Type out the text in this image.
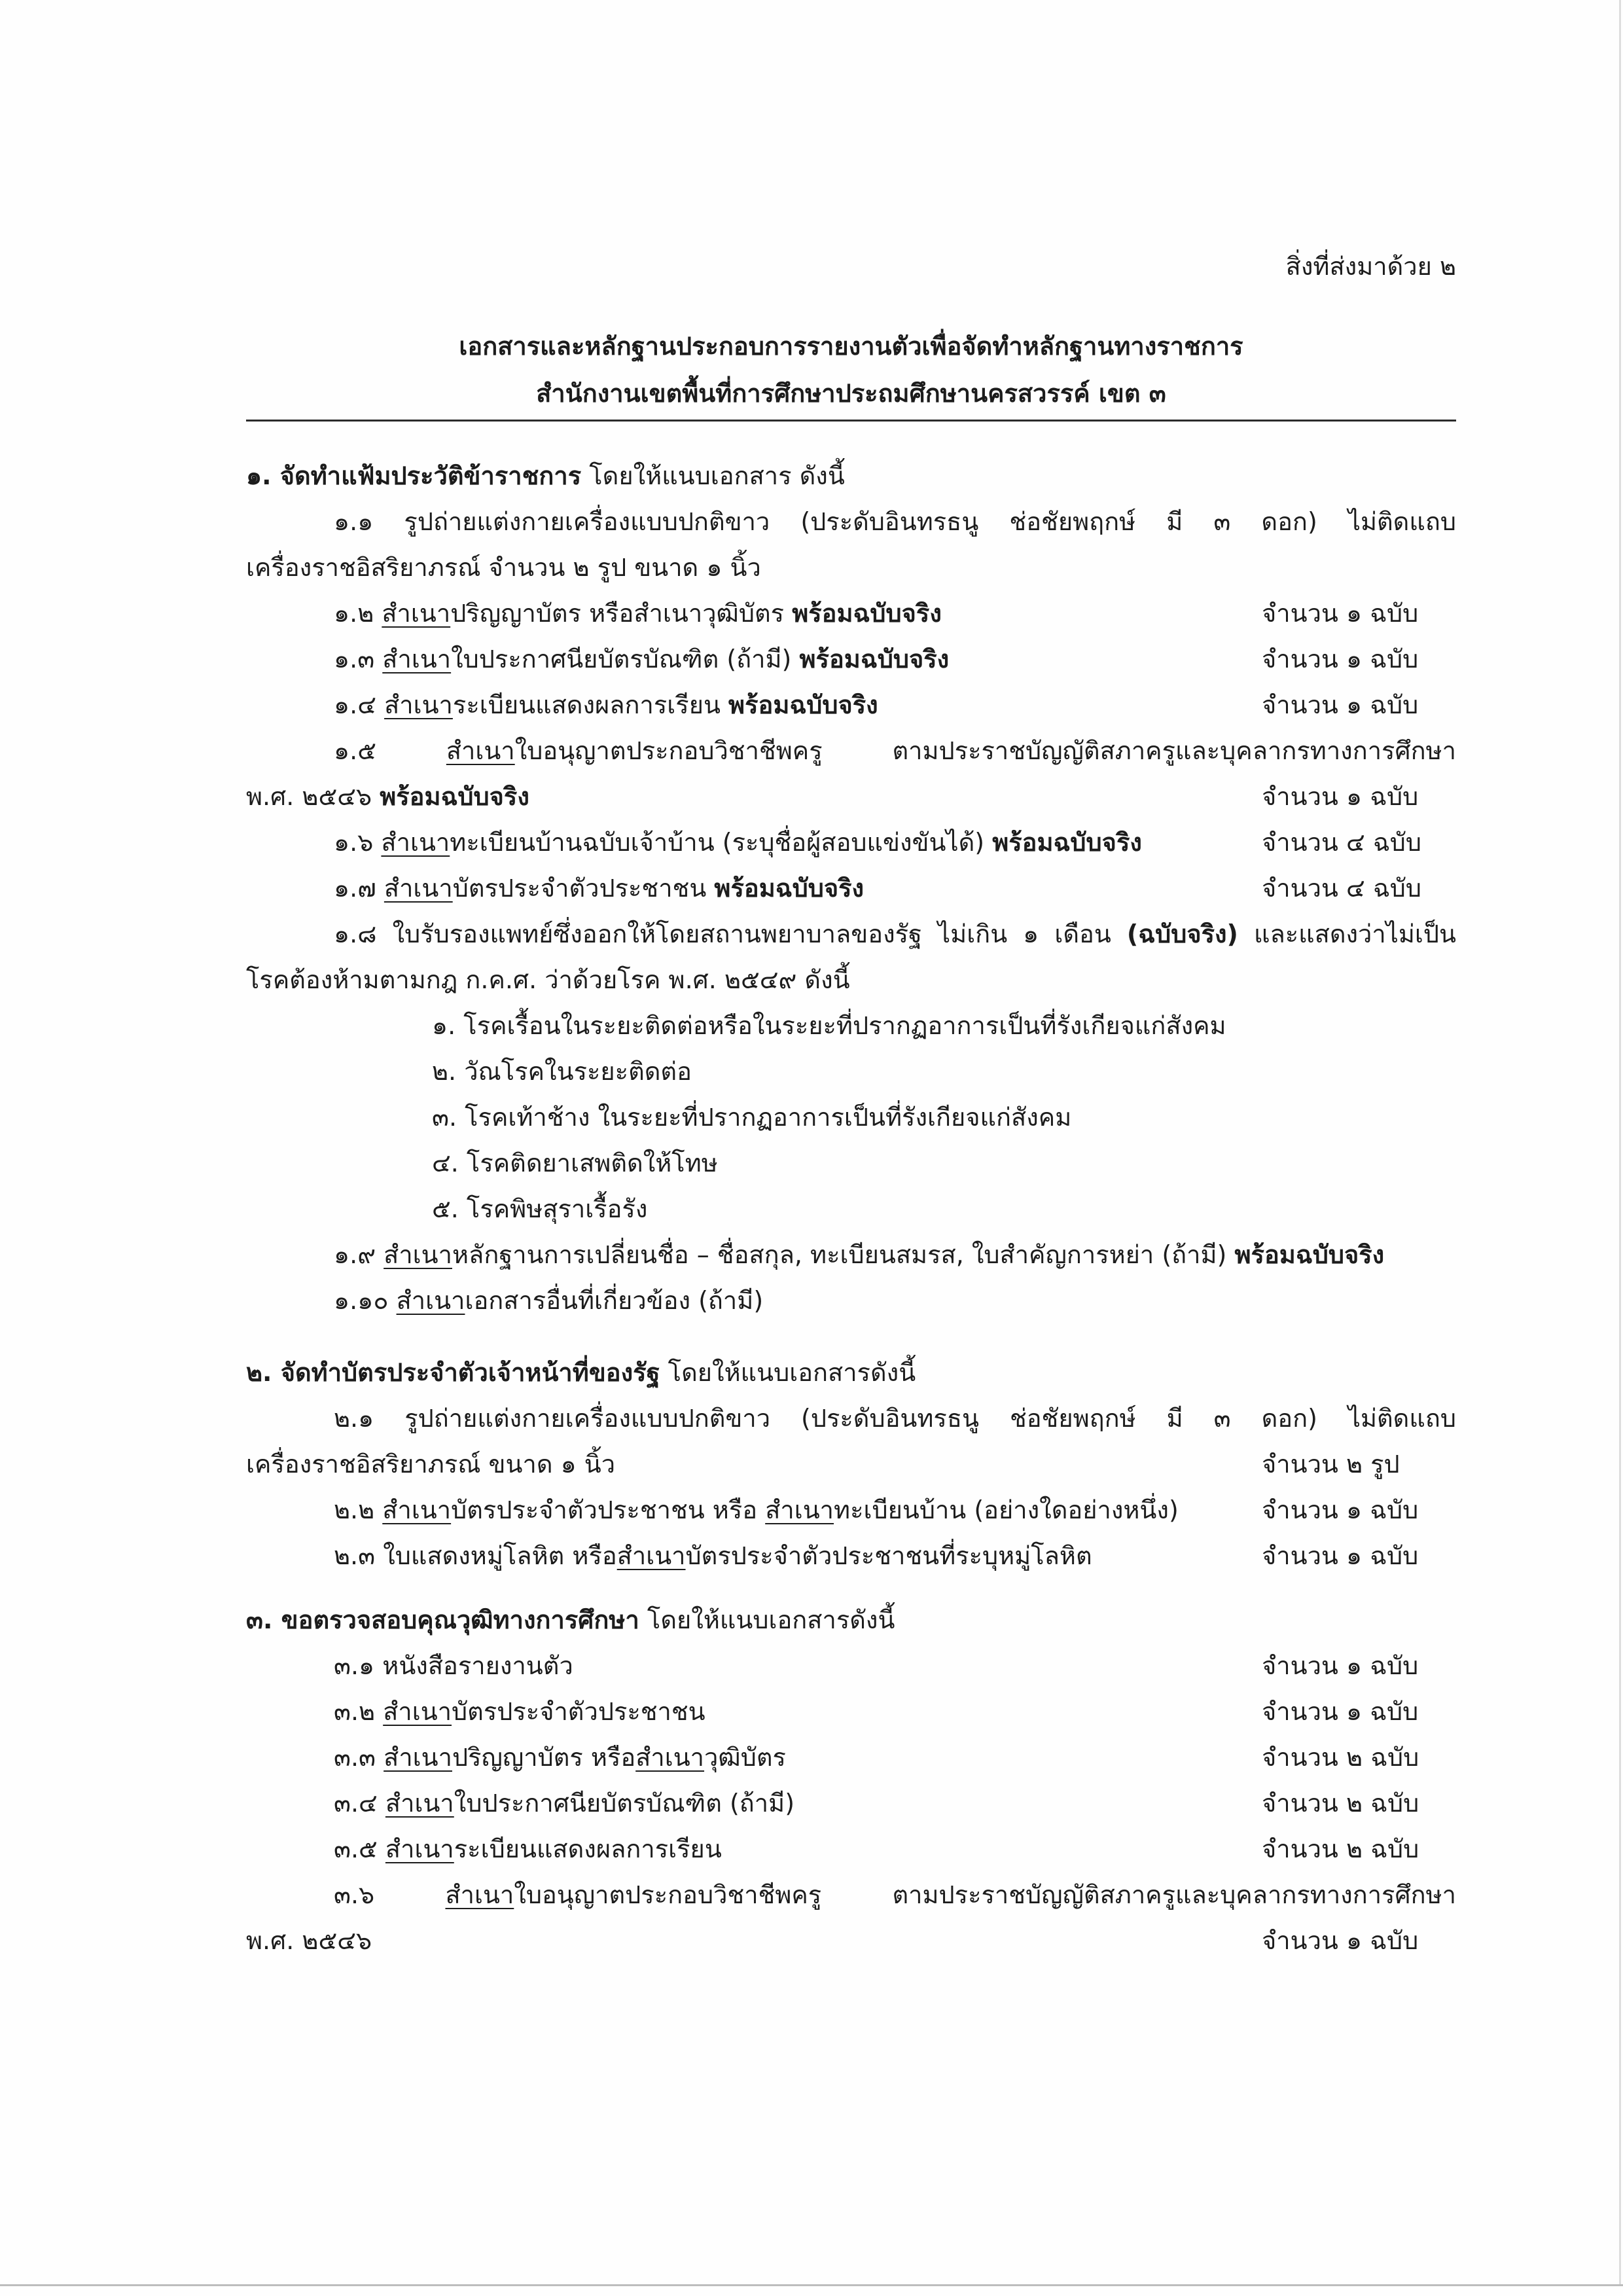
สิ่งที่ส่งมาด้วย ๒
เอกสารและหลักฐานประกอบการรายงานตัวเพื่อจัดทำหลักฐานทางราชการ
สำนักงานเขตพื้นที่การศึกษาประถมศึกษานครสวรรค์ เขต ๓
๑. จัดทำแฟ้มประวัติข้าราชการ โดยให้แนบเอกสาร ดังนี้
๑.๑ รูปถ่ายแต่งกายเครื่องแบบปกติขาว (ประดับอินทรธนู ช่อชัยพฤกษ์ มี ๓ ดอก) ไม่ติดแถบ
เครื่องราชอิสริยาภรณ์ จำนวน ๒ รูป ขนาด ๑ นิ้ว
๑.๒ สำเนาปริญญาบัตร หรือสำเนาวุฒิบัตร พร้อมฉบับจริง	จำนวน ๑ ฉบับ
๑.๓ สำเนาใบประกาศนียบัตรบัณฑิต (ถ้ามี) พร้อมฉบับจริง	จำนวน ๑ ฉบับ
๑.๔ สำเนาระเบียนแสดงผลการเรียน พร้อมฉบับจริง	จำนวน ๑ ฉบับ
๑.๕	สำเนาใบอนุญาตประกอบวิชาชีพครู ตามประราชบัญญัติสภาครูและบุคลากรทางการศึกษา
พ.ศ. ๒๕๔๖ พร้อมฉบับจริง	จำนวน ๑ ฉบับ
๑.๖ สำเนาทะเบียนบ้านฉบับเจ้าบ้าน (ระบุชื่อผู้สอบแข่งขันได้) พร้อมฉบับจริง	จำนวน ๔ ฉบับ
๑.๗ สำเนาบัตรประจำตัวประชาชน พร้อมฉบับจริง	จำนวน ๔ ฉบับ
๑.๘ ใบรับรองแพทย์ซึ่งออกให้โดยสถานพยาบาลของรัฐ ไม่เกิน ๑ เดือน (ฉบับจริง) และแสดงว่าไม่เป็น
โรคต้องห้ามตามกฎ ก.ค.ศ. ว่าด้วยโรค พ.ศ. ๒๕๔๙ ดังนี้
๑. โรคเรื้อนในระยะติดต่อหรือในระยะที่ปรากฏอาการเป็นที่รังเกียจแก่สังคม
๒. วัณโรคในระยะติดต่อ
๓. โรคเท้าช้าง ในระยะที่ปรากฏอาการเป็นที่รังเกียจแก่สังคม
๔. โรคติดยาเสพติดให้โทษ
๕. โรคพิษสุราเรื้อรัง
๑.๙ สำเนาหลักฐานการเปลี่ยนชื่อ – ชื่อสกุล, ทะเบียนสมรส, ใบสำคัญการหย่า (ถ้ามี) พร้อมฉบับจริง
๑.๑๐ สำเนาเอกสารอื่นที่เกี่ยวข้อง (ถ้ามี)
๒. จัดทำบัตรประจำตัวเจ้าหน้าที่ของรัฐ โดยให้แนบเอกสารดังนี้
๒.๑ รูปถ่ายแต่งกายเครื่องแบบปกติขาว (ประดับอินทรธนู ช่อชัยพฤกษ์ มี ๓ ดอก) ไม่ติดแถบ
เครื่องราชอิสริยาภรณ์ ขนาด ๑ นิ้ว	จำนวน ๒ รูป
๒.๒ สำเนาบัตรประจำตัวประชาชน หรือ สำเนาทะเบียนบ้าน (อย่างใดอย่างหนึ่ง)	จำนวน ๑ ฉบับ
๒.๓ ใบแสดงหมู่โลหิต หรือสำเนาบัตรประจำตัวประชาชนที่ระบุหมู่โลหิต	จำนวน ๑ ฉบับ
๓. ขอตรวจสอบคุณวุฒิทางการศึกษา โดยให้แนบเอกสารดังนี้
๓.๑ หนังสือรายงานตัว	จำนวน ๑ ฉบับ
๓.๒ สำเนาบัตรประจำตัวประชาชน	จำนวน ๑ ฉบับ
๓.๓ สำเนาปริญญาบัตร หรือสำเนาวุฒิบัตร	จำนวน ๒ ฉบับ
๓.๔ สำเนาใบประกาศนียบัตรบัณฑิต (ถ้ามี)	จำนวน ๒ ฉบับ
๓.๕ สำเนาระเบียนแสดงผลการเรียน	จำนวน ๒ ฉบับ
๓.๖	สำเนาใบอนุญาตประกอบวิชาชีพครู ตามประราชบัญญัติสภาครูและบุคลากรทางการศึกษา
พ.ศ. ๒๕๔๖	จำนวน ๑ ฉบับ
